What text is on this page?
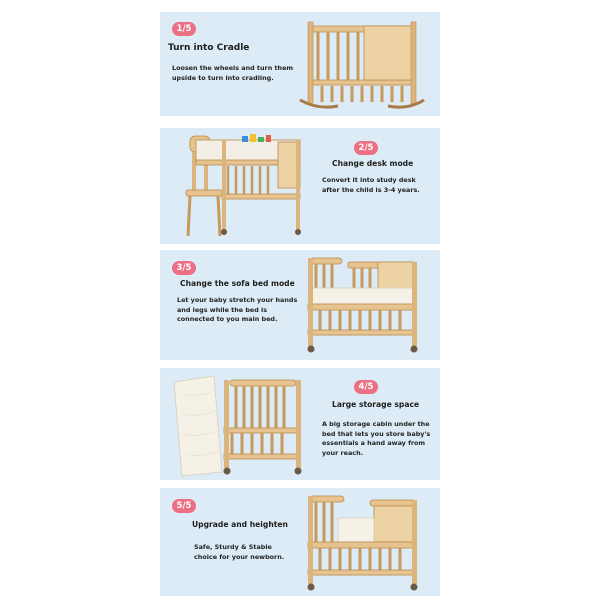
1/5
Turn into Cradle
Loosen the wheels and turn them
upside to turn into cradling.
2/5
Change desk mode
Convert it into study desk
after the child is 3-4 years.
3/5
Change the sofa bed mode
Let your baby stretch your hands
and legs while the bed is
connected to you main bed.
4/5
Large storage space
A big storage cabin under the
bed that lets you store baby's
essentials a hand away from
your reach.
5/5
Upgrade and heighten
Safe, Sturdy & Stable
choice for your newborn.
